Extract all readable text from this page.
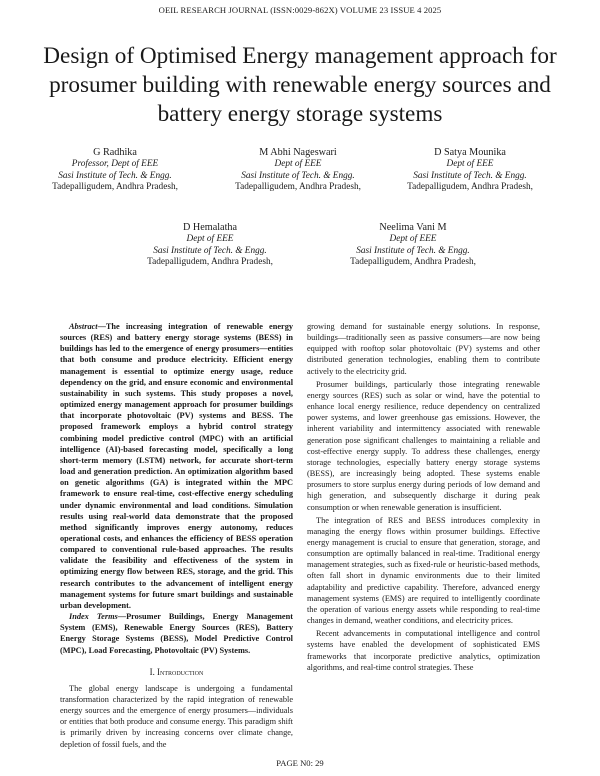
OEIL RESEARCH JOURNAL (ISSN:0029-862X) VOLUME 23 ISSUE 4 2025
Design of Optimised Energy management approach for prosumer building with renewable energy sources and battery energy storage systems
G Radhika
Professor, Dept of EEE
Sasi Institute of Tech. & Engg.
Tadepalligudem, Andhra Pradesh,
M Abhi Nageswari
Dept of EEE
Sasi Institute of Tech. & Engg.
Tadepalligudem, Andhra Pradesh,
D Satya Mounika
Dept of EEE
Sasi Institute of Tech. & Engg.
Tadepalligudem, Andhra Pradesh,
D Hemalatha
Dept of EEE
Sasi Institute of Tech. & Engg.
Tadepalligudem, Andhra Pradesh,
Neelima Vani M
Dept of EEE
Sasi Institute of Tech. & Engg.
Tadepalligudem, Andhra Pradesh,

Abstract—The increasing integration of renewable energy sources (RES) and battery energy storage systems (BESS) in buildings has led to the emergence of energy prosumers—entities that both consume and produce electricity. Efficient energy management is essential to optimize energy usage, reduce dependency on the grid, and ensure economic and environmental sustainability in such systems. This study proposes a novel, optimized energy management approach for prosumer buildings that incorporate photovoltaic (PV) systems and BESS. The proposed framework employs a hybrid control strategy combining model predictive control (MPC) with an artificial intelligence (AI)-based forecasting model, specifically a long short-term memory (LSTM) network, for accurate short-term load and generation prediction. An optimization algorithm based on genetic algorithms (GA) is integrated within the MPC framework to ensure real-time, cost-effective energy scheduling under dynamic environmental and load conditions. Simulation results using real-world data demonstrate that the proposed method significantly improves energy autonomy, reduces operational costs, and enhances the efficiency of BESS operation compared to conventional rule-based approaches. The results validate the feasibility and effectiveness of the system in optimizing energy flow between RES, storage, and the grid. This research contributes to the advancement of intelligent energy management systems for future smart buildings and sustainable urban development.

Index Terms—Prosumer Buildings, Energy Management System (EMS), Renewable Energy Sources (RES), Battery Energy Storage Systems (BESS), Model Predictive Control (MPC), Load Forecasting, Photovoltaic (PV) Systems.

I. Introduction

The global energy landscape is undergoing a fundamental transformation characterized by the rapid integration of renewable energy sources and the emergence of energy prosumers—individuals or entities that both produce and consume energy. This paradigm shift is primarily driven by increasing concerns over climate change, depletion of fossil fuels, and the

growing demand for sustainable energy solutions. In response, buildings—traditionally seen as passive consumers—are now being equipped with rooftop solar photovoltaic (PV) systems and other distributed generation technologies, enabling them to contribute actively to the electricity grid.

Prosumer buildings, particularly those integrating renewable energy sources (RES) such as solar or wind, have the potential to enhance local energy resilience, reduce dependency on centralized power systems, and lower greenhouse gas emissions. However, the inherent variability and intermittency associated with renewable generation pose significant challenges to maintaining a reliable and cost-effective energy supply. To address these challenges, energy storage technologies, especially battery energy storage systems (BESS), are increasingly being adopted. These systems enable prosumers to store surplus energy during periods of low demand and high generation, and subsequently discharge it during peak consumption or when renewable generation is insufficient.

The integration of RES and BESS introduces complexity in managing the energy flows within prosumer buildings. Effective energy management is crucial to ensure that generation, storage, and consumption are optimally balanced in real-time. Traditional energy management strategies, such as fixed-rule or heuristic-based methods, often fall short in dynamic environments due to their limited adaptability and predictive capability. Therefore, advanced energy management systems (EMS) are required to intelligently coordinate the operation of various energy assets while responding to real-time changes in demand, weather conditions, and electricity prices.

Recent advancements in computational intelligence and control systems have enabled the development of sophisticated EMS frameworks that incorporate predictive analytics, optimization algorithms, and real-time control strategies. These

PAGE N0: 29
